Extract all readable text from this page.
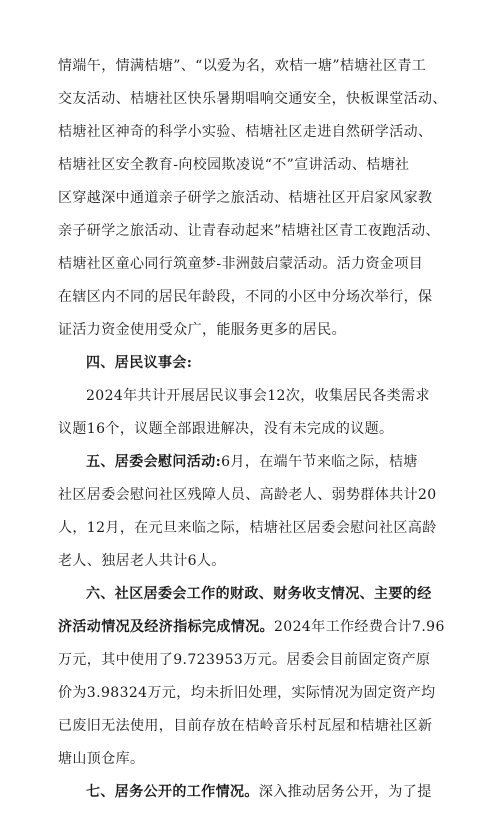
情端午，情满桔塘”、“以爱为名，欢桔一塘”桔塘社区青工
交友活动、桔塘社区快乐暑期唱响交通安全，快板课堂活动、
桔塘社区神奇的科学小实验、桔塘社区走进自然研学活动、
桔塘社区安全教育-向校园欺凌说“不”宣讲活动、桔塘社
区穿越深中通道亲子研学之旅活动、桔塘社区开启家风家教
亲子研学之旅活动、让青春动起来”桔塘社区青工夜跑活动、
桔塘社区童心同行筑童梦-非洲鼓启蒙活动。活力资金项目
在辖区内不同的居民年龄段，不同的小区中分场次举行，保
证活力资金使用受众广，能服务更多的居民。
四、居民议事会:
2024年共计开展居民议事会12次，收集居民各类需求
议题16个，议题全部跟进解决，没有未完成的议题。
五、居委会慰问活动:6月，在端午节来临之际，桔塘
社区居委会慰问社区残障人员、高龄老人、弱势群体共计20
人，12月，在元旦来临之际，桔塘社区居委会慰问社区高龄
老人、独居老人共计6人。
六、社区居委会工作的财政、财务收支情况、主要的经
济活动情况及经济指标完成情况。2024年工作经费合计7.96
万元，其中使用了9.723953万元。居委会目前固定资产原
价为3.98324万元，均未折旧处理，实际情况为固定资产均
已废旧无法使用，目前存放在桔岭音乐村瓦屋和桔塘社区新
塘山顶仓库。
七、居务公开的工作情况。深入推动居务公开，为了提
